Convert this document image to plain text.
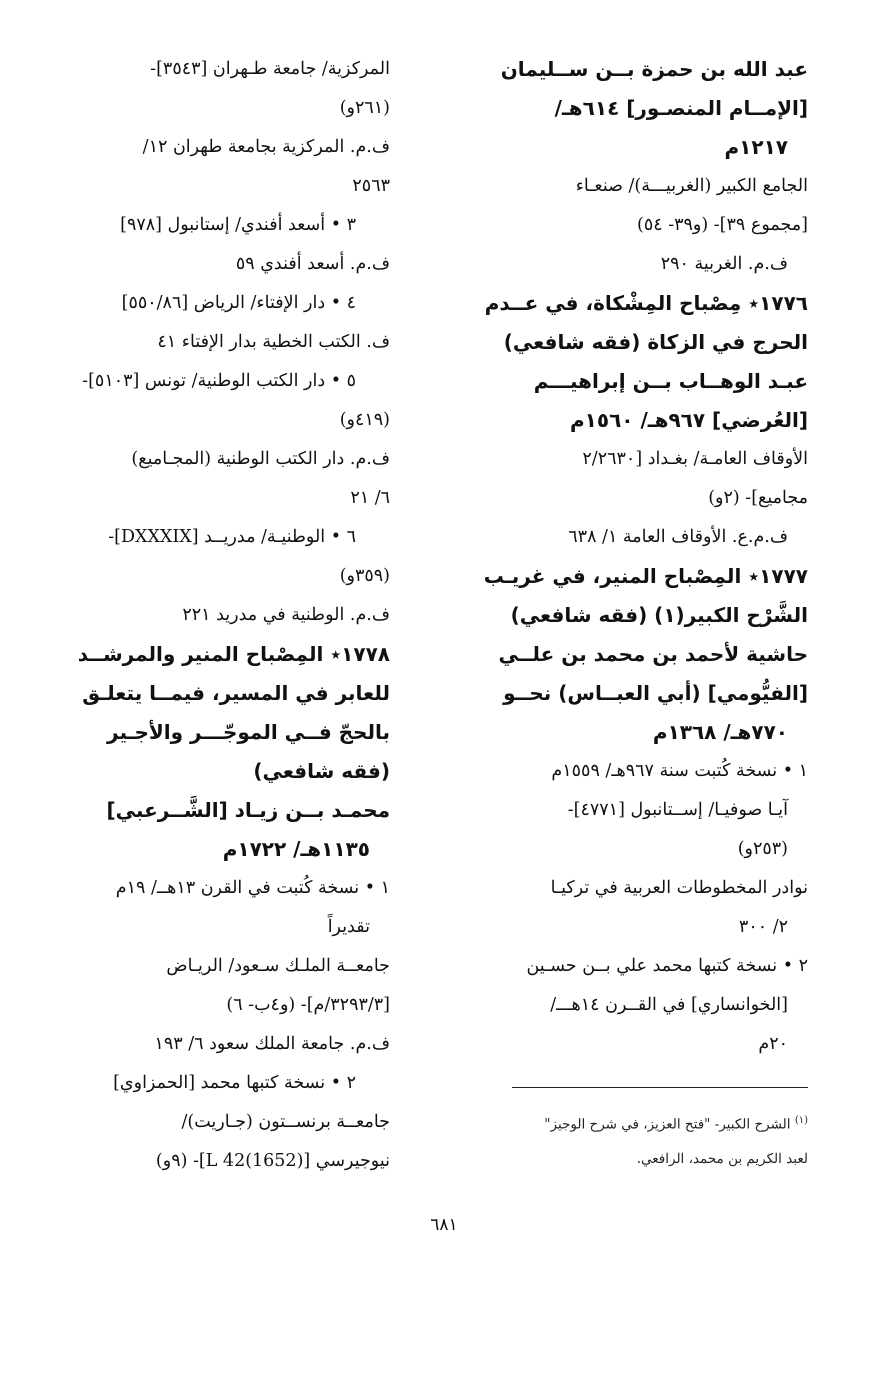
عبد الله بن حمزة بــن ســليمان
[الإمــام المنصـور] ٦١٤هـ/
١٢١٧م
الجامع الكبير (الغربيـــة)/ صنعـاء
[مجموع ٣٩]- (و٣٩- ٥٤)
ف.م. الغربية ٢٩٠
١٧٧٦٭ مِصْباح المِشْكاة، في عــدم
الحرج في الزكاة (فقه شافعي)
عبـد الوهــاب بــن إبراهيـــم
[العُرضي] ٩٦٧هـ/ ١٥٦٠م
الأوقاف العامـة/ بغـداد [٢/٢٦٣٠
مجاميع]- (٢و)
ف.م.ع. الأوقاف العامة ١/ ٦٣٨
١٧٧٧٭ المِصْباح المنير، في غريـب
الشَّرْح الكبير(١) (فقه شافعي)
حاشية لأحمد بن محمد بن علــي
[الفيُّومي] (أبي العبــاس) نحــو
٧٧٠هـ/ ١٣٦٨م
١ • نسخة كُتبت سنة ٩٦٧هـ/ ١٥٥٩م
آيـا صوفيـا/ إســتانبول [٤٧٧١]-
(٢٥٣و)
نوادر المخطوطات العربية في تركيـا
٢/ ٣٠٠
٢ • نسخة كتبها محمد علي بــن حسـين
[الخوانساري] في القــرن ١٤هـــ/
٢٠م
المركزية/ جامعة طـهران [٣٥٤٣]-
(٢٦١و)
ف.م. المركزية بجامعة طهران ١٢/
٢٥٦٣
٣ • أسعد أفندي/ إستانبول [٩٧٨]
ف.م. أسعد أفندي ٥٩
٤ • دار الإفتاء/ الرياض [٥٥٠/٨٦]
ف. الكتب الخطية بدار الإفتاء ٤١
٥ • دار الكتب الوطنية/ تونس [٥١٠٣]-
(٤١٩و)
ف.م. دار الكتب الوطنية (المجـاميع)
٦/ ٢١
٦ • الوطنيـة/ مدريــد [DXXXIX]-
(٣٥٩و)
ف.م. الوطنية في مدريد ٢٢١
١٧٧٨٭ المِصْباح المنير والمرشــد
للعابر في المسير، فيمــا يتعلـق
بالحجّ فــي الموجّـــر والأجـير
(فقه شافعي)
محمـد بــن زيـاد [الشَّــرعبي]
١١٣٥هـ/ ١٧٢٢م
١ • نسخة كُتبت في القرن ١٣هــ/ ١٩م
تقديراً
جامعــة الملـك سـعود/ الريـاض
[٣٢٩٣/٣/م]- (و٤ب- ٦)
ف.م. جامعة الملك سعود ٦/ ١٩٣
٢ • نسخة كتبها محمد [الحمزاوي]
جامعــة برنســتون (جـاريت)/
نيوجيرسي [L 42(1652)]- (٩و)
$^{(١)}$ الشرح الكبير- "فتح العزيز، في شرح الوجيز"
لعبد الكريم بن محمد، الرافعي.
٦٨١
